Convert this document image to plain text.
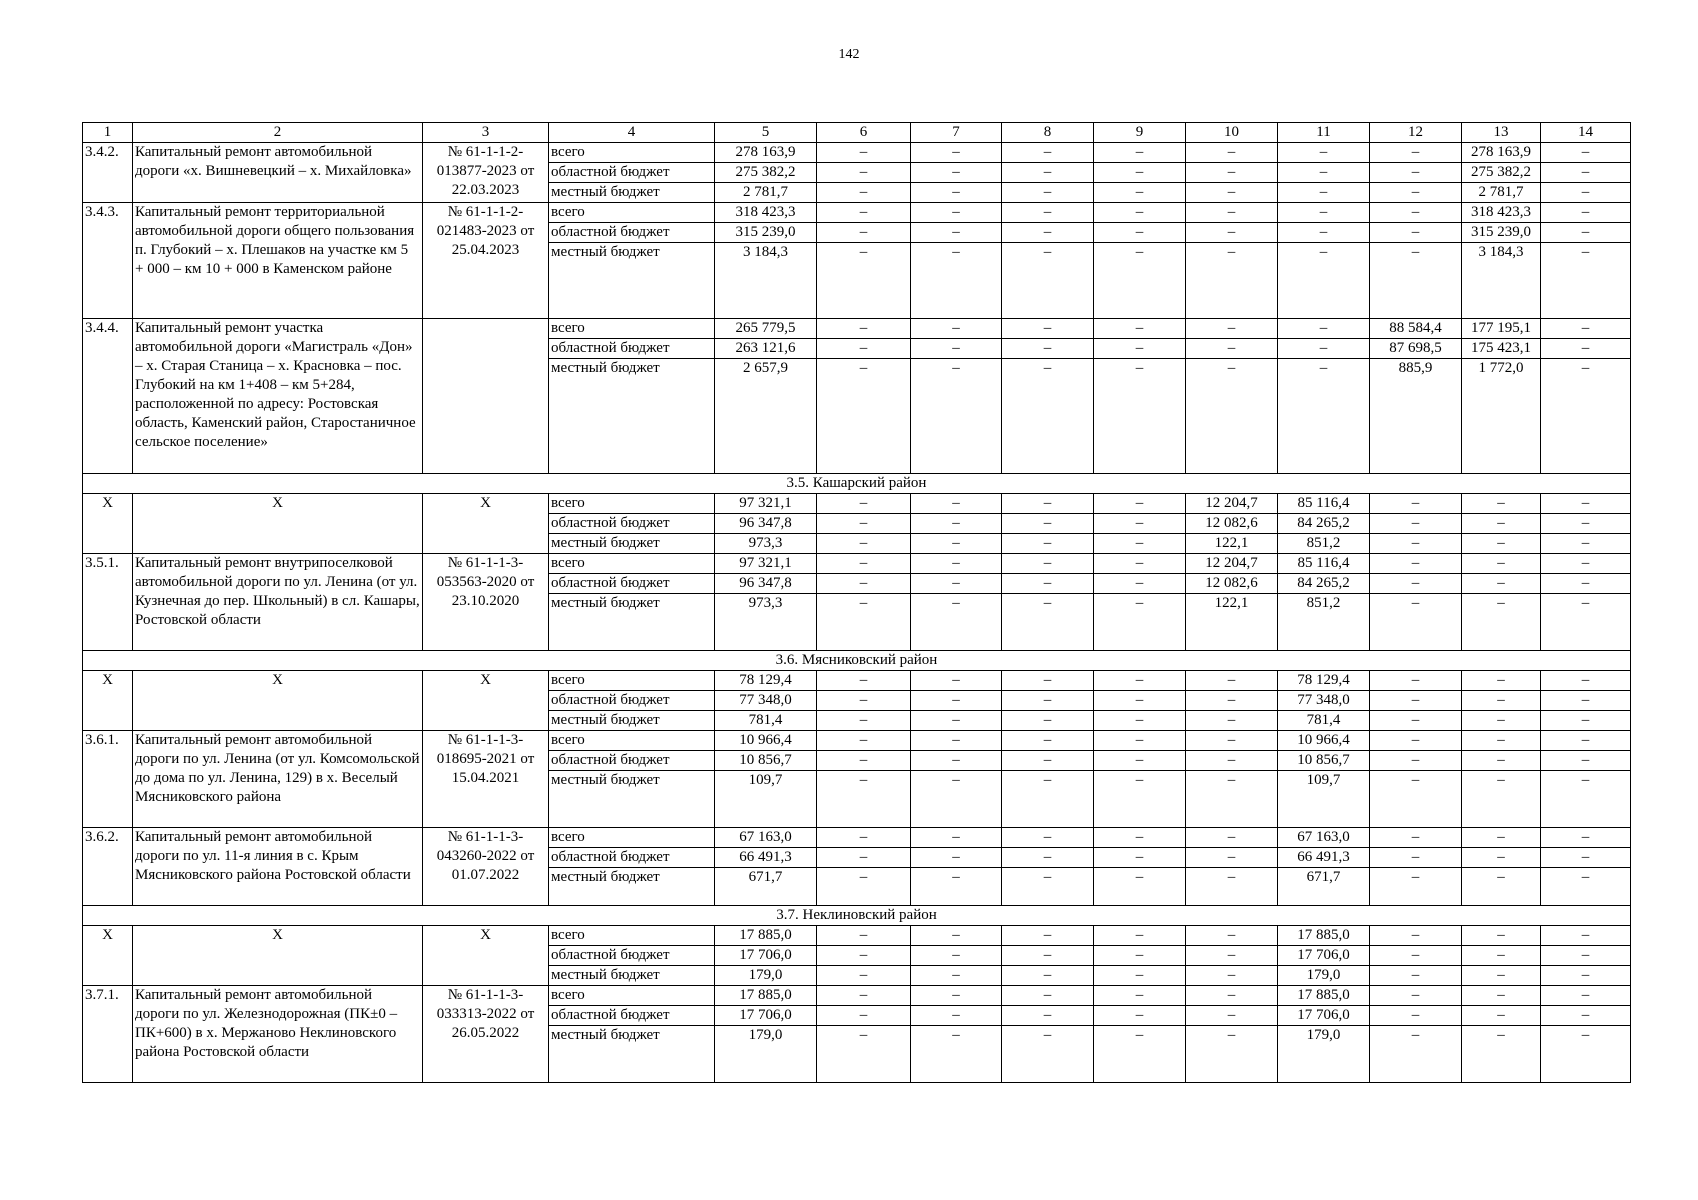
142
1	2	3	4	5	6	7	8	9	10	11	12	13	14
3.4.2.	Капитальный ремонт автомобильной дороги «х. Вишневецкий – х. Михайловка»	№ 61-1-1-2-013877-2023 от 22.03.2023	всего	278 163,9	–	–	–	–	–	–	–	278 163,9	–
			областной бюджет	275 382,2	–	–	–	–	–	–	–	275 382,2	–
			местный бюджет	2 781,7	–	–	–	–	–	–	–	2 781,7	–
3.4.3.	Капитальный ремонт территориальной автомобильной дороги общего пользования п. Глубокий – х. Плешаков на участке км 5 + 000 – км 10 + 000 в Каменском районе	№ 61-1-1-2-021483-2023 от 25.04.2023	всего	318 423,3	–	–	–	–	–	–	–	318 423,3	–
			областной бюджет	315 239,0	–	–	–	–	–	–	–	315 239,0	–
			местный бюджет	3 184,3	–	–	–	–	–	–	–	3 184,3	–
3.4.4.	Капитальный ремонт участка автомобильной дороги «Магистраль «Дон» – х. Старая Станица – х. Красновка – пос. Глубокий на км 1+408 – км 5+284, расположенной по адресу: Ростовская область, Каменский район, Старостаничное сельское поселение»		всего	265 779,5	–	–	–	–	–	–	88 584,4	177 195,1	–
			областной бюджет	263 121,6	–	–	–	–	–	–	87 698,5	175 423,1	–
			местный бюджет	2 657,9	–	–	–	–	–	–	885,9	1 772,0	–
3.5. Кашарский район													
Х	Х	Х	всего	97 321,1	–	–	–	–	12 204,7	85 116,4	–	–	–
			областной бюджет	96 347,8	–	–	–	–	12 082,6	84 265,2	–	–	–
			местный бюджет	973,3	–	–	–	–	122,1	851,2	–	–	–
3.5.1.	Капитальный ремонт внутрипоселковой автомобильной дороги по ул. Ленина (от ул. Кузнечная до пер. Школьный) в сл. Кашары, Ростовской области	№ 61-1-1-3-053563-2020 от 23.10.2020	всего	97 321,1	–	–	–	–	12 204,7	85 116,4	–	–	–
			областной бюджет	96 347,8	–	–	–	–	12 082,6	84 265,2	–	–	–
			местный бюджет	973,3	–	–	–	–	122,1	851,2	–	–	–
3.6. Мясниковский район													
Х	Х	Х	всего	78 129,4	–	–	–	–	–	78 129,4	–	–	–
			областной бюджет	77 348,0	–	–	–	–	–	77 348,0	–	–	–
			местный бюджет	781,4	–	–	–	–	–	781,4	–	–	–
3.6.1.	Капитальный ремонт автомобильной дороги по ул. Ленина (от ул. Комсомольской до дома по ул. Ленина, 129) в х. Веселый Мясниковского района	№ 61-1-1-3-018695-2021 от 15.04.2021	всего	10 966,4	–	–	–	–	–	10 966,4	–	–	–
			областной бюджет	10 856,7	–	–	–	–	–	10 856,7	–	–	–
			местный бюджет	109,7	–	–	–	–	–	109,7	–	–	–
3.6.2.	Капитальный ремонт автомобильной дороги по ул. 11-я линия в с. Крым Мясниковского района Ростовской области	№ 61-1-1-3-043260-2022 от 01.07.2022	всего	67 163,0	–	–	–	–	–	67 163,0	–	–	–
			областной бюджет	66 491,3	–	–	–	–	–	66 491,3	–	–	–
			местный бюджет	671,7	–	–	–	–	–	671,7	–	–	–
3.7. Неклиновский район													
Х	Х	Х	всего	17 885,0	–	–	–	–	–	17 885,0	–	–	–
			областной бюджет	17 706,0	–	–	–	–	–	17 706,0	–	–	–
			местный бюджет	179,0	–	–	–	–	–	179,0	–	–	–
3.7.1.	Капитальный ремонт автомобильной дороги по ул. Железнодорожная (ПК±0 – ПК+600) в х. Мержаново Неклиновского района Ростовской области	№ 61-1-1-3-033313-2022 от 26.05.2022	всего	17 885,0	–	–	–	–	–	17 885,0	–	–	–
			областной бюджет	17 706,0	–	–	–	–	–	17 706,0	–	–	–
			местный бюджет	179,0	–	–	–	–	–	179,0	–	–	–
